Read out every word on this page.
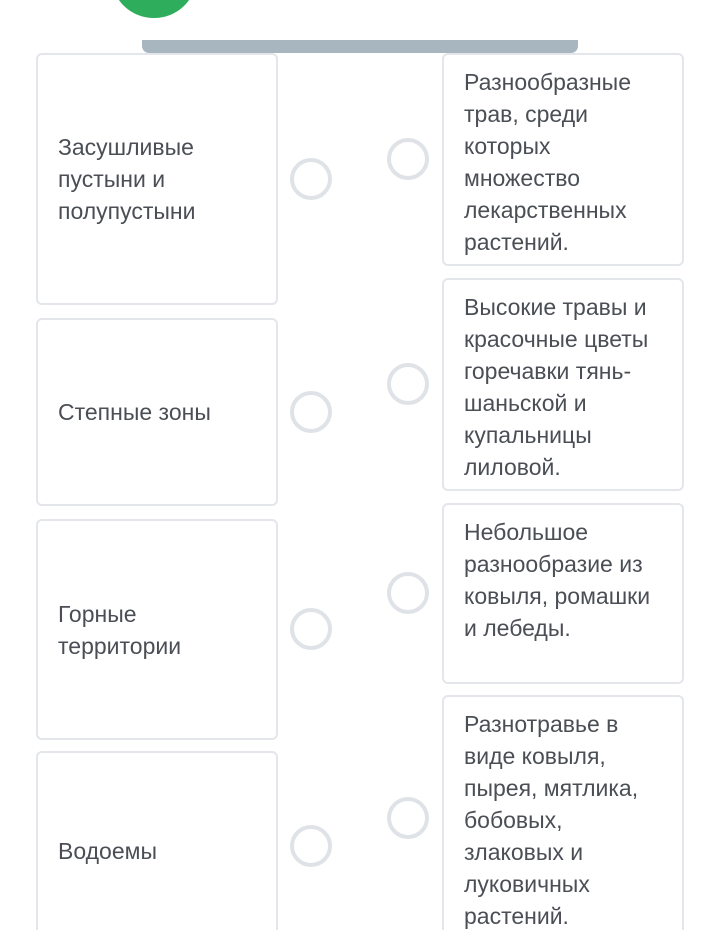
Засушливые пустыни и полупустыни
Степные зоны
Горные территории
Водоемы
Разнообразные трав, среди которых множество лекарственных растений.
Высокие травы и красочные цветы горечавки тянь-шаньской и купальницы лиловой.
Небольшое разнообразие из ковыля, ромашки и лебеды.
Разнотравье в виде ковыля, пырея, мятлика, бобовых, злаковых и луковичных растений.
